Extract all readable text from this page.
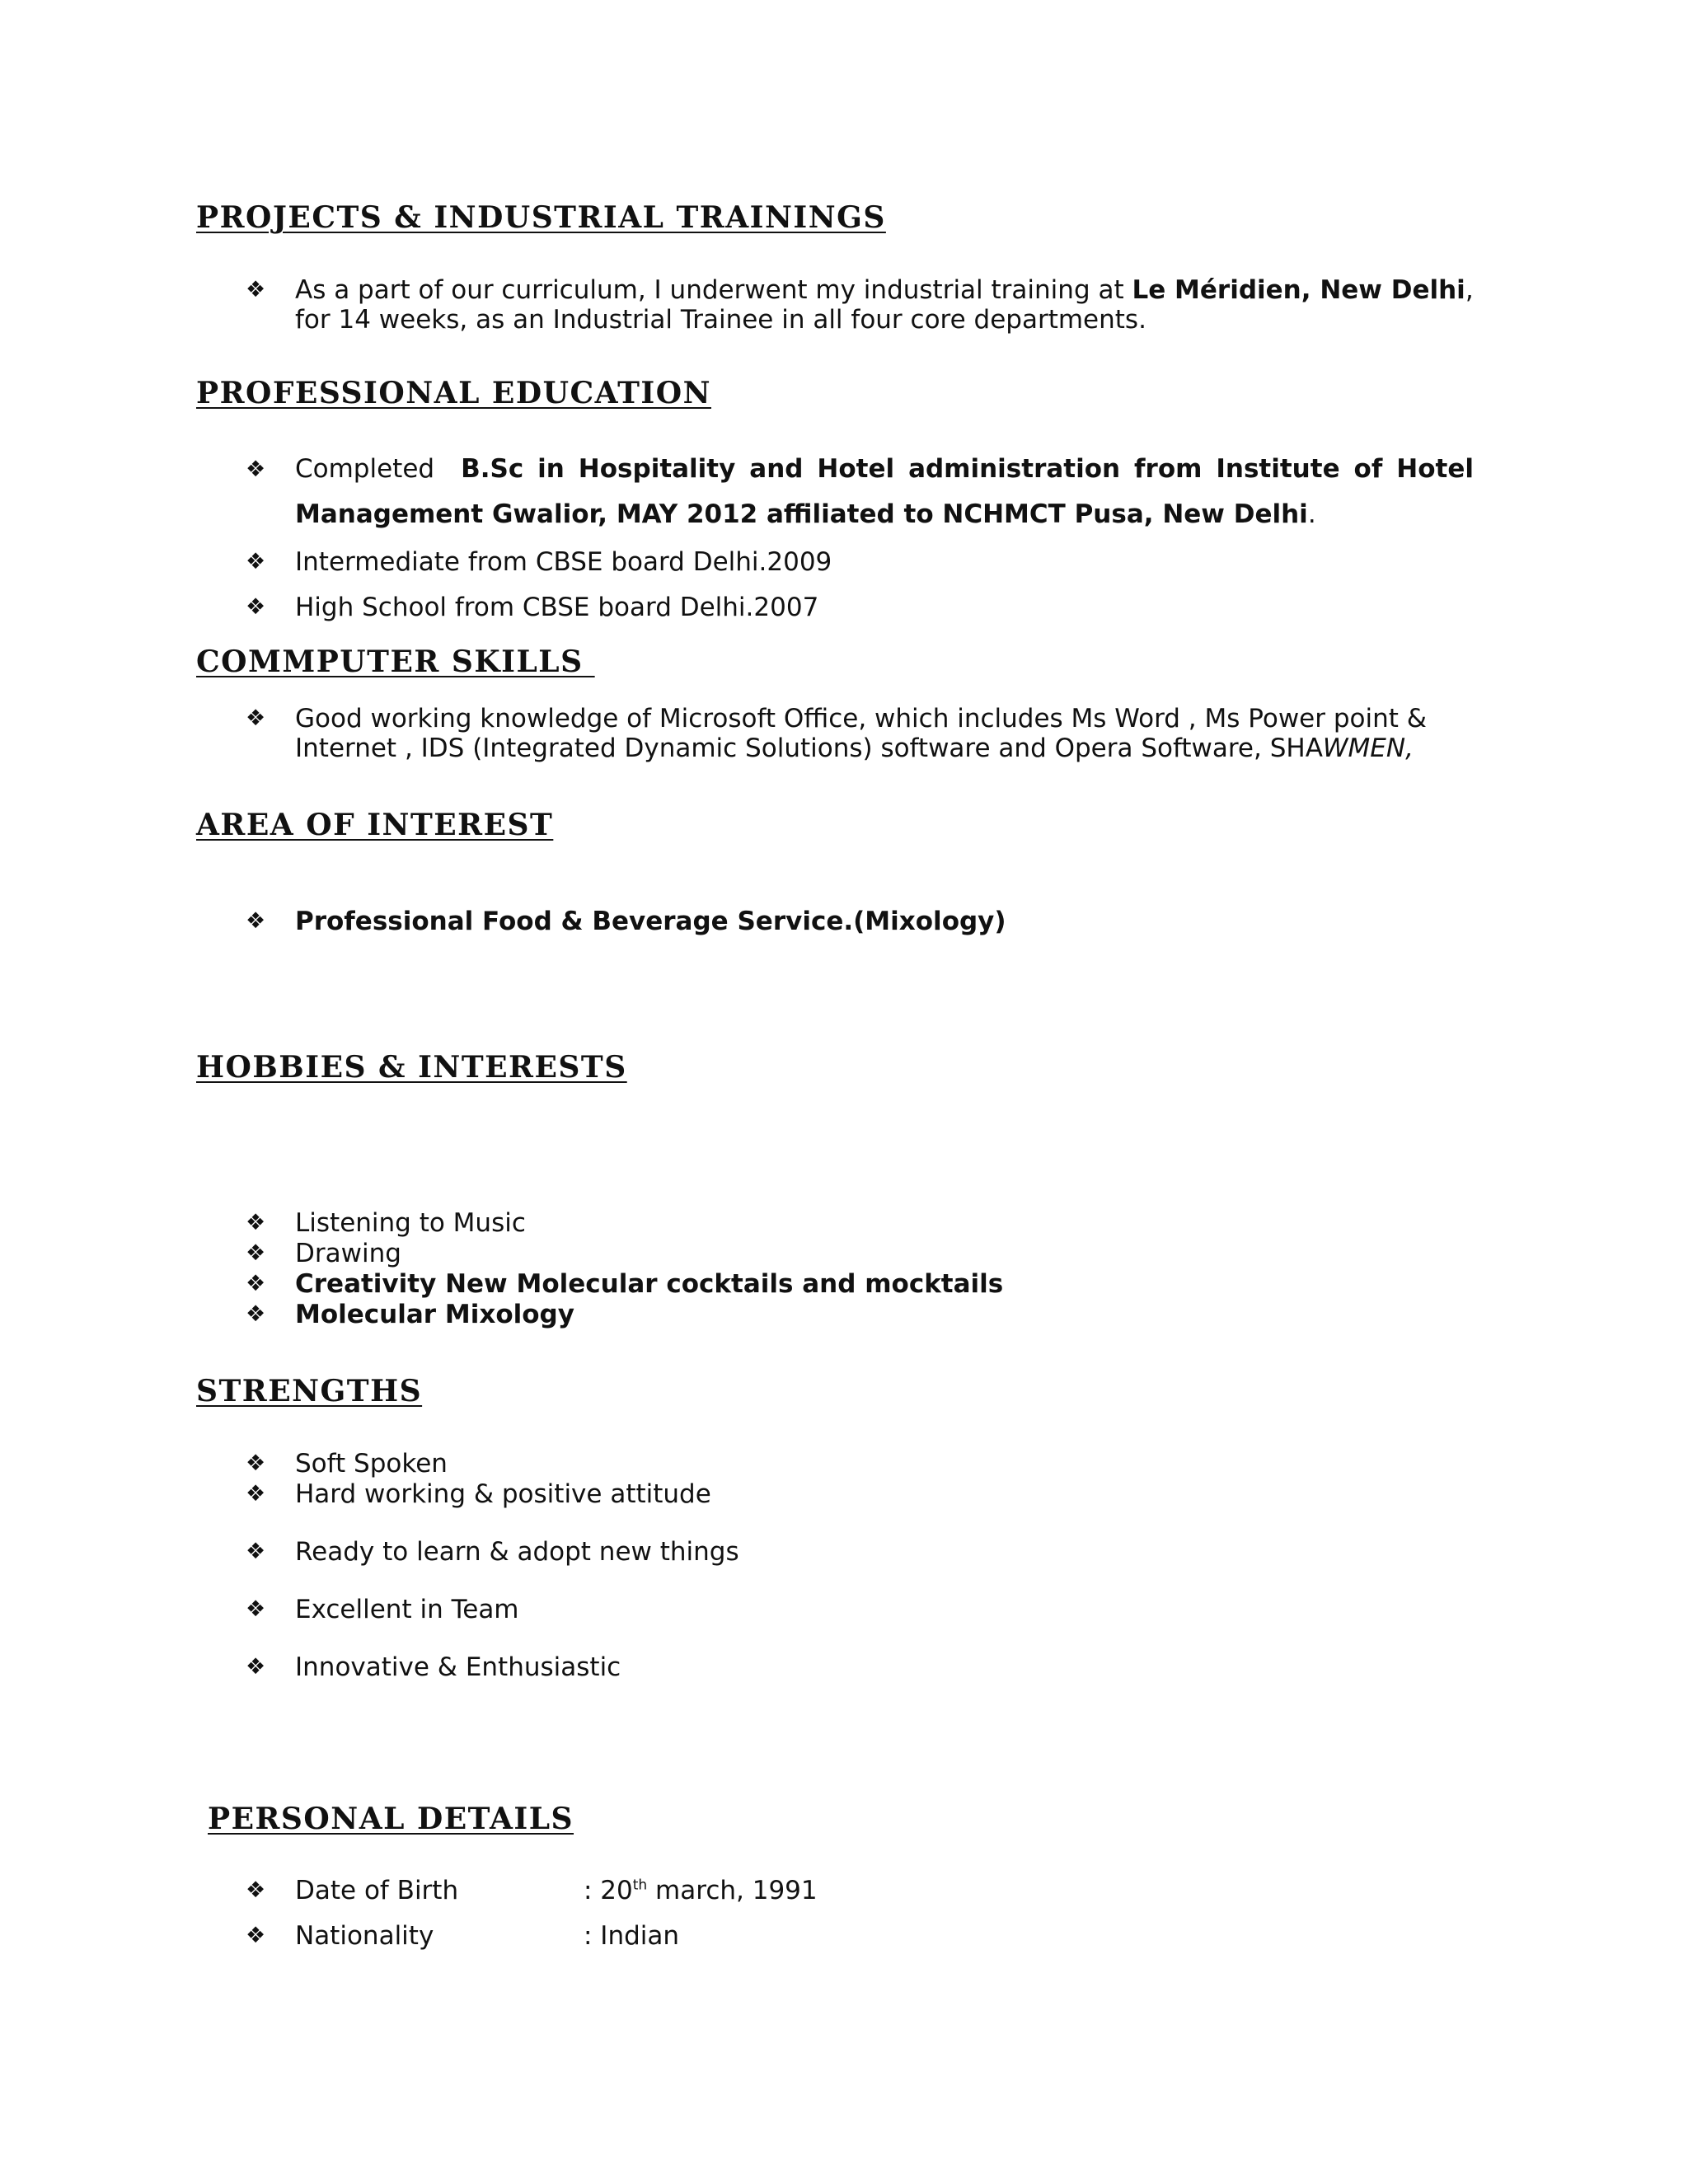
PROJECTS & INDUSTRIAL TRAININGS
❖ As a part of our curriculum, I underwent my industrial training at Le Méridien, New Delhi,
for 14 weeks, as an Industrial Trainee in all four core departments.
PROFESSIONAL EDUCATION
❖ Completed B.Sc in Hospitality and Hotel administration from Institute of Hotel
Management Gwalior, MAY 2012 affiliated to NCHMCT Pusa, New Delhi.
❖ Intermediate from CBSE board Delhi.2009
❖ High School from CBSE board Delhi.2007
COMMPUTER SKILLS
❖ Good working knowledge of Microsoft Office, which includes Ms Word , Ms Power point &
Internet , IDS (Integrated Dynamic Solutions) software and Opera Software, SHAWMEN,
AREA OF INTEREST
❖ Professional Food & Beverage Service.(Mixology)
HOBBIES & INTERESTS
❖ Listening to Music
❖ Drawing
❖ Creativity New Molecular cocktails and mocktails
❖ Molecular Mixology
STRENGTHS
❖ Soft Spoken
❖ Hard working & positive attitude
❖ Ready to learn & adopt new things
❖ Excellent in Team
❖ Innovative & Enthusiastic
PERSONAL DETAILS
❖ Date of Birth	: 20th march, 1991
❖ Nationality	: Indian
